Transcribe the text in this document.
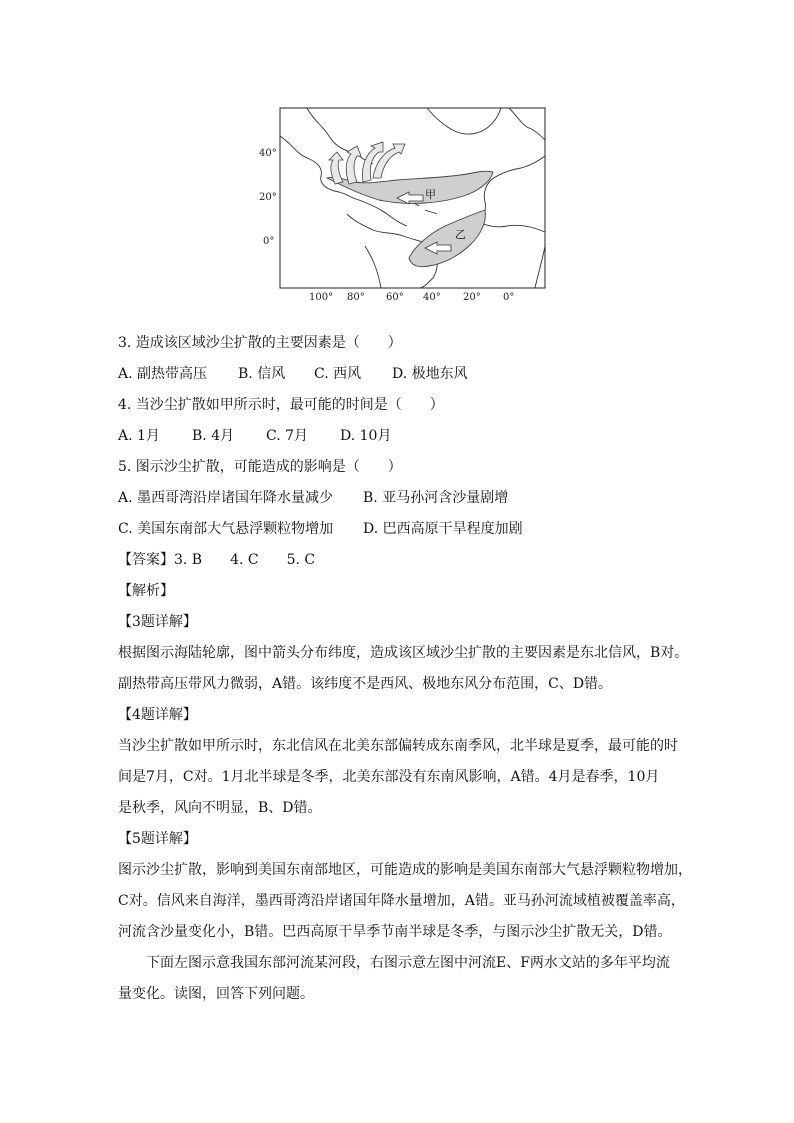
40°
20°
0°
100° 80° 60° 40° 20° 0°
甲
乙
3. 造成该区域沙尘扩散的主要因素是（　　）
A. 副热带高压 B. 信风 C. 西风 D. 极地东风
4. 当沙尘扩散如甲所示时，最可能的时间是（　　）
A. 1月 B. 4月 C. 7月 D. 10月
5. 图示沙尘扩散，可能造成的影响是（　　）
A. 墨西哥湾沿岸诸国年降水量减少 B. 亚马孙河含沙量剧增
C. 美国东南部大气悬浮颗粒物增加 D. 巴西高原干旱程度加剧
【答案】3. B　　4. C　　5. C
【解析】
【3题详解】
根据图示海陆轮廓，图中箭头分布纬度，造成该区域沙尘扩散的主要因素是东北信风，B对。
副热带高压带风力微弱，A错。该纬度不是西风、极地东风分布范围，C、D错。
【4题详解】
当沙尘扩散如甲所示时，东北信风在北美东部偏转成东南季风，北半球是夏季，最可能的时
间是7月，C对。1月北半球是冬季，北美东部没有东南风影响，A错。4月是春季，10月
是秋季，风向不明显，B、D错。
【5题详解】
图示沙尘扩散，影响到美国东南部地区，可能造成的影响是美国东南部大气悬浮颗粒物增加，
C对。信风来自海洋，墨西哥湾沿岸诸国年降水量增加，A错。亚马孙河流域植被覆盖率高，
河流含沙量变化小，B错。巴西高原干旱季节南半球是冬季，与图示沙尘扩散无关，D错。
下面左图示意我国东部河流某河段，右图示意左图中河流E、F两水文站的多年平均流
量变化。读图，回答下列问题。
